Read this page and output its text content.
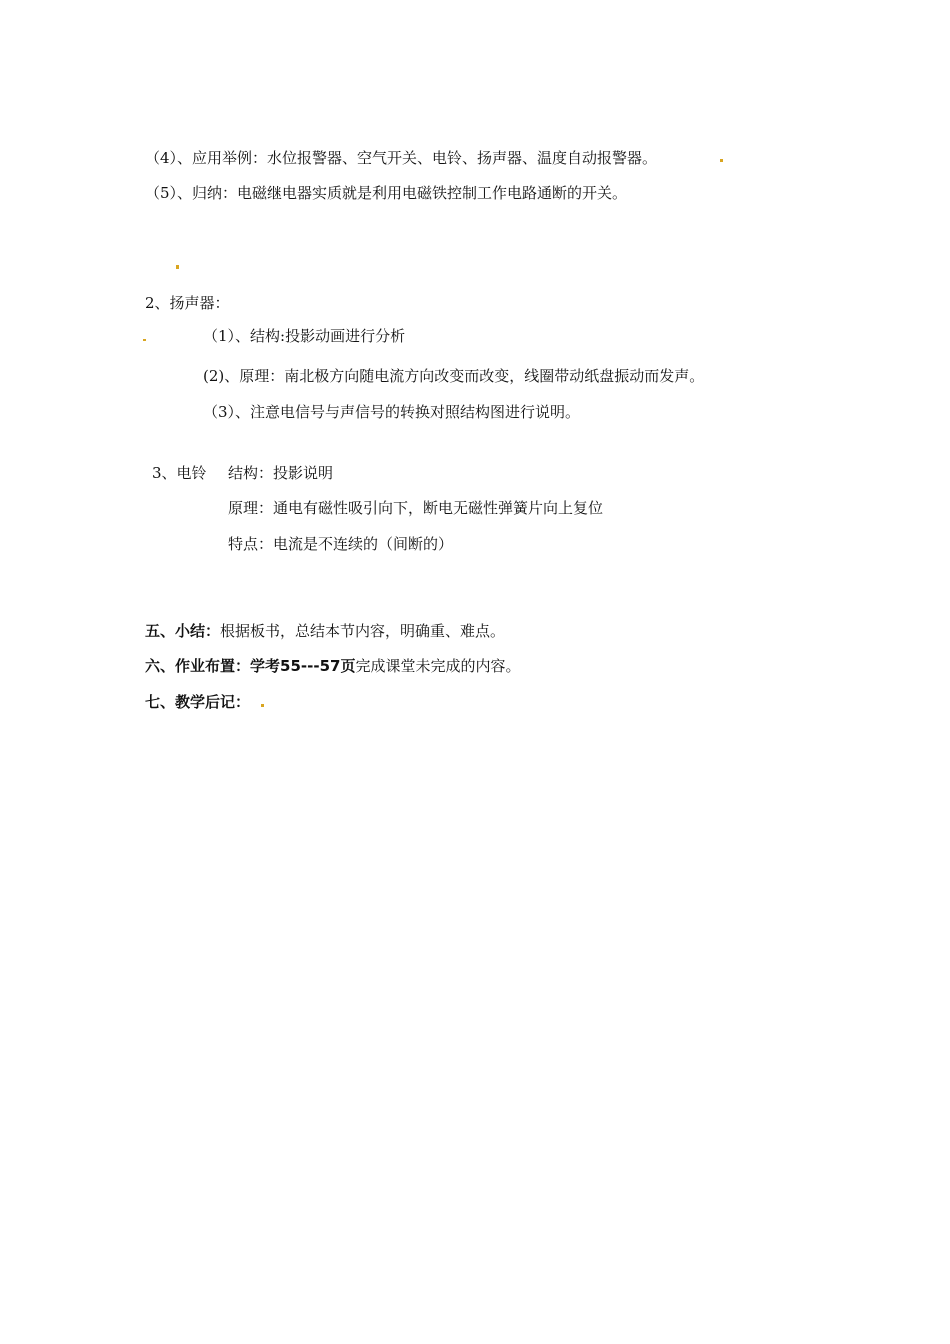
（4）、应用举例：水位报警器、空气开关、电铃、扬声器、温度自动报警器。
（5）、归纳：电磁继电器实质就是利用电磁铁控制工作电路通断的开关。
2、扬声器：
（1）、结构:投影动画进行分析
(2)、原理：南北极方向随电流方向改变而改变，线圈带动纸盘振动而发声。
（3）、注意电信号与声信号的转换对照结构图进行说明。
3、电铃 结构：投影说明
原理：通电有磁性吸引向下，断电无磁性弹簧片向上复位
特点：电流是不连续的（间断的）
五、小结：根据板书，总结本节内容，明确重、难点。
六、作业布置：学考55---57页完成课堂未完成的内容。
七、教学后记：
